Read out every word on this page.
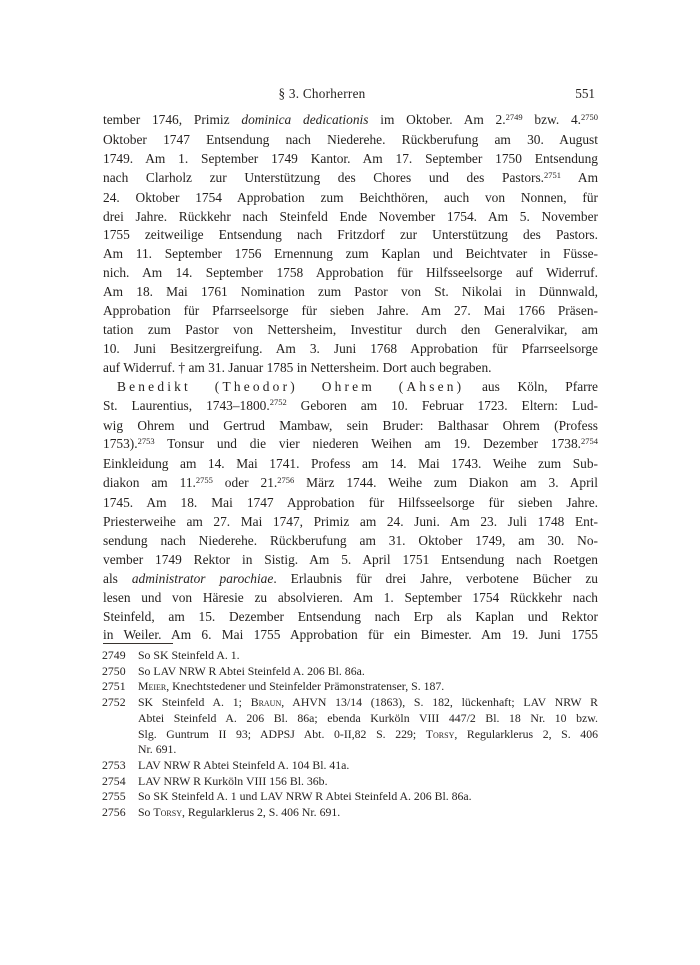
§ 3. Chorherren	551
tember 1746, Primiz dominica dedicationis im Oktober. Am 2.$^{2749}$ bzw. 4.$^{2750}$
Oktober 1747 Entsendung nach Niederehe. Rückberufung am 30. August
1749. Am 1. September 1749 Kantor. Am 17. September 1750 Entsendung
nach Clarholz zur Unterstützung des Chores und des Pastors.$^{2751}$ Am
24. Oktober 1754 Approbation zum Beichthören, auch von Nonnen, für
drei Jahre. Rückkehr nach Steinfeld Ende November 1754. Am 5. November
1755 zeitweilige Entsendung nach Fritzdorf zur Unterstützung des Pastors.
Am 11. September 1756 Ernennung zum Kaplan und Beichtvater in Füsse-
nich. Am 14. September 1758 Approbation für Hilfsseelsorge auf Widerruf.
Am 18. Mai 1761 Nomination zum Pastor von St. Nikolai in Dünnwald,
Approbation für Pfarrseelsorge für sieben Jahre. Am 27. Mai 1766 Präsen-
tation zum Pastor von Nettersheim, Investitur durch den Generalvikar, am
10. Juni Besitzergreifung. Am 3. Juni 1768 Approbation für Pfarrseelsorge
auf Widerruf. † am 31. Januar 1785 in Nettersheim. Dort auch begraben.
Benedikt (Theodor) Ohrem (Ahsen) aus Köln, Pfarre
St. Laurentius, 1743–1800.$^{2752}$ Geboren am 10. Februar 1723. Eltern: Lud-
wig Ohrem und Gertrud Mambaw, sein Bruder: Balthasar Ohrem (Profess
1753).$^{2753}$ Tonsur und die vier niederen Weihen am 19. Dezember 1738.$^{2754}$
Einkleidung am 14. Mai 1741. Profess am 14. Mai 1743. Weihe zum Sub-
diakon am 11.$^{2755}$ oder 21.$^{2756}$ März 1744. Weihe zum Diakon am 3. April
1745. Am 18. Mai 1747 Approbation für Hilfsseelsorge für sieben Jahre.
Priesterweihe am 27. Mai 1747, Primiz am 24. Juni. Am 23. Juli 1748 Ent-
sendung nach Niederehe. Rückberufung am 31. Oktober 1749, am 30. No-
vember 1749 Rektor in Sistig. Am 5. April 1751 Entsendung nach Roetgen
als administrator parochiae. Erlaubnis für drei Jahre, verbotene Bücher zu
lesen und von Häresie zu absolvieren. Am 1. September 1754 Rückkehr nach
Steinfeld, am 15. Dezember Entsendung nach Erp als Kaplan und Rektor
in Weiler. Am 6. Mai 1755 Approbation für ein Bimester. Am 19. Juni 1755
2749	So SK Steinfeld A. 1.
2750	So LAV NRW R Abtei Steinfeld A. 206 Bl. 86a.
2751	Meier, Knechtstedener und Steinfelder Prämonstratenser, S. 187.
2752	SK Steinfeld A. 1; Braun, AHVN 13/14 (1863), S. 182, lückenhaft; LAV NRW R
Abtei Steinfeld A. 206 Bl. 86a; ebenda Kurköln VIII 447/2 Bl. 18 Nr. 10 bzw.
Slg. Guntrum II 93; ADPSJ Abt. 0-II,82 S. 229; Torsy, Regularklerus 2, S. 406
Nr. 691.
2753	LAV NRW R Abtei Steinfeld A. 104 Bl. 41a.
2754	LAV NRW R Kurköln VIII 156 Bl. 36b.
2755	So SK Steinfeld A. 1 und LAV NRW R Abtei Steinfeld A. 206 Bl. 86a.
2756	So Torsy, Regularklerus 2, S. 406 Nr. 691.
